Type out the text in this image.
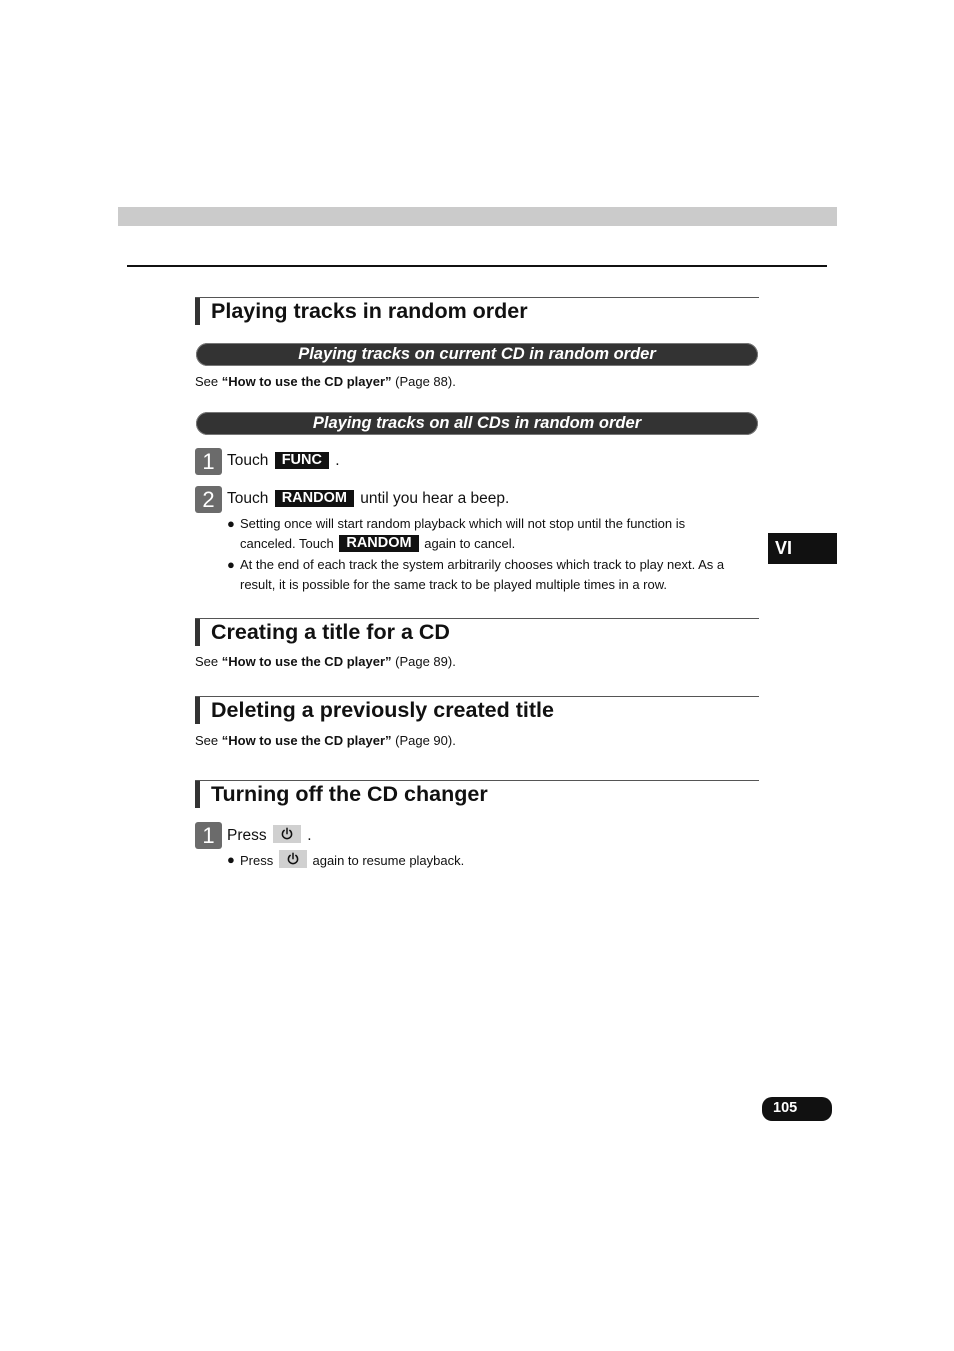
Playing tracks in random order
Playing tracks on current CD in random order
See “How to use the CD player” (Page 88).
Playing tracks on all CDs in random order
1 Touch FUNC .
2 Touch RANDOM until you hear a beep.
● Setting once will start random playback which will not stop until the function is
canceled. Touch RANDOM again to cancel.
● At the end of each track the system arbitrarily chooses which track to play next. As a
result, it is possible for the same track to be played multiple times in a row.
Creating a title for a CD
See “How to use the CD player” (Page 89).
Deleting a previously created title
See “How to use the CD player” (Page 90).
Turning off the CD changer
1 Press	.
● Press	again to resume playback.
VI
105
